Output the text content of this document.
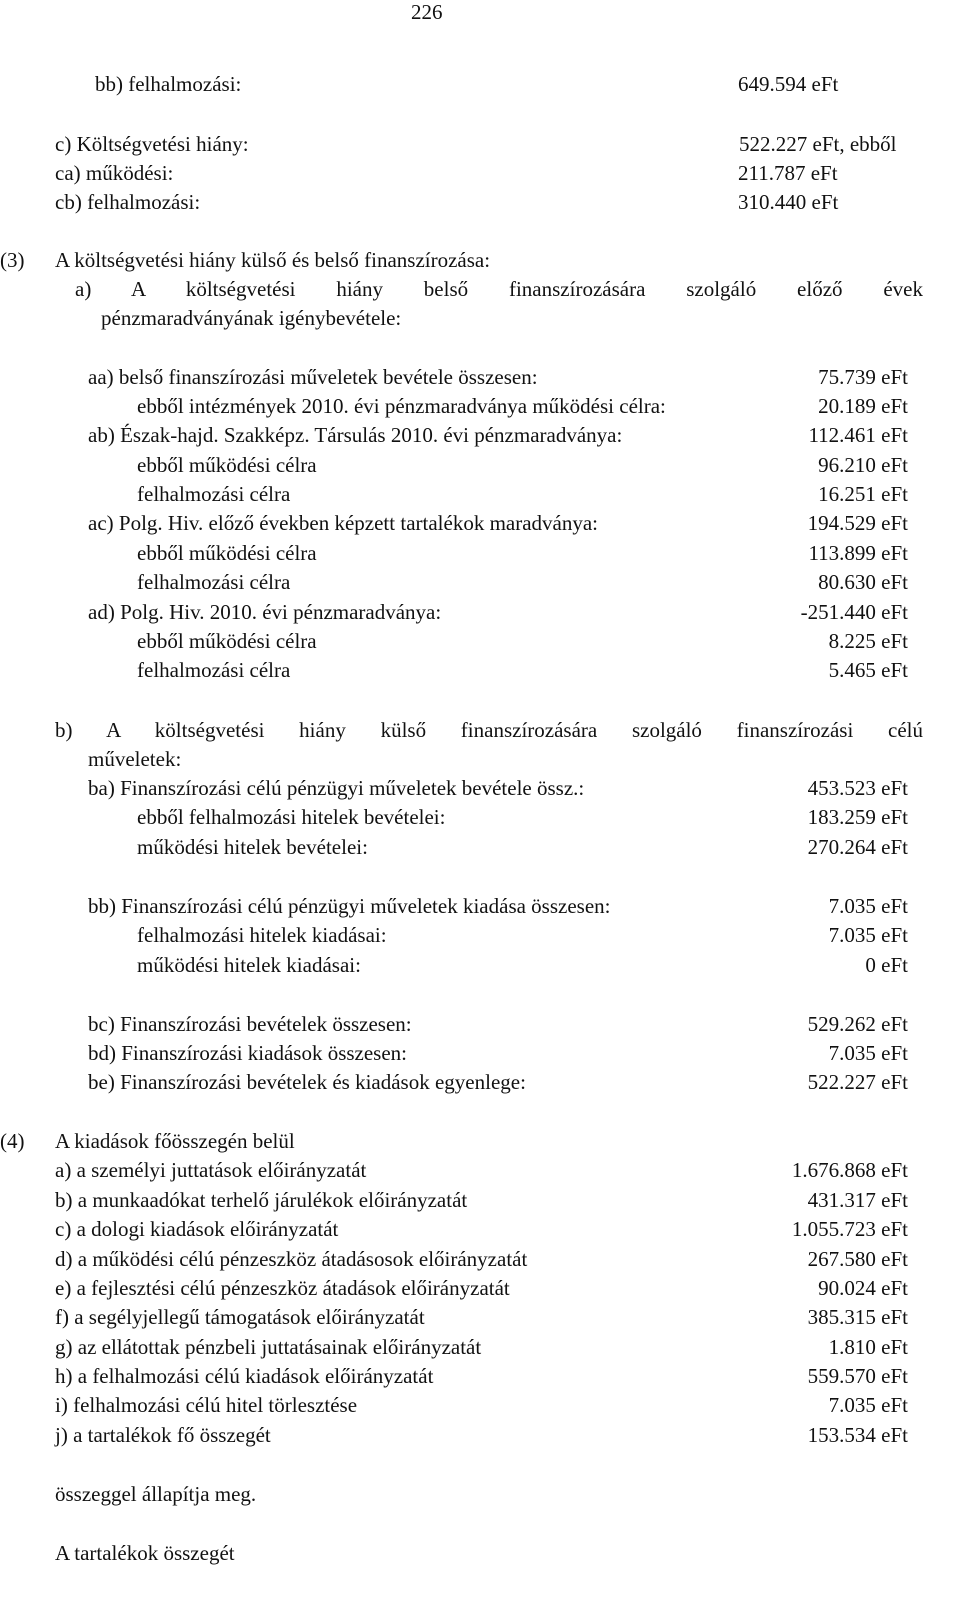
226
bb) felhalmozási:	649.594 eFt
c) Költségvetési hiány:	522.227 eFt, ebből
ca) működési:	211.787 eFt
cb) felhalmozási:	310.440 eFt
(3) A költségvetési hiány külső és belső finanszírozása:
a) A költségvetési hiány belső finanszírozására szolgáló előző évek
pénzmaradványának igénybevétele:
aa) belső finanszírozási műveletek bevétele összesen:	75.739 eFt
ebből intézmények 2010. évi pénzmaradványa működési célra:	20.189 eFt
ab) Észak-hajd. Szakképz. Társulás 2010. évi pénzmaradványa:	112.461 eFt
ebből működési célra	96.210 eFt
felhalmozási célra	16.251 eFt
ac) Polg. Hiv. előző években képzett tartalékok maradványa:	194.529 eFt
ebből működési célra	113.899 eFt
felhalmozási célra	80.630 eFt
ad) Polg. Hiv. 2010. évi pénzmaradványa:	-251.440 eFt
ebből működési célra	8.225 eFt
felhalmozási célra	5.465 eFt
b) A költségvetési hiány külső finanszírozására szolgáló finanszírozási célú
műveletek:
ba) Finanszírozási célú pénzügyi műveletek bevétele össz.:	453.523 eFt
ebből felhalmozási hitelek bevételei:	183.259 eFt
működési hitelek bevételei:	270.264 eFt
bb) Finanszírozási célú pénzügyi műveletek kiadása összesen:	7.035 eFt
felhalmozási hitelek kiadásai:	7.035 eFt
működési hitelek kiadásai:	0 eFt
bc) Finanszírozási bevételek összesen:	529.262 eFt
bd) Finanszírozási kiadások összesen:	7.035 eFt
be) Finanszírozási bevételek és kiadások egyenlege:	522.227 eFt
(4) A kiadások főösszegén belül
a) a személyi juttatások előirányzatát	1.676.868 eFt
b) a munkaadókat terhelő járulékok előirányzatát	431.317 eFt
c) a dologi kiadások előirányzatát	1.055.723 eFt
d) a működési célú pénzeszköz átadásosok előirányzatát	267.580 eFt
e) a fejlesztési célú pénzeszköz átadások előirányzatát	90.024 eFt
f) a segélyjellegű támogatások előirányzatát	385.315 eFt
g) az ellátottak pénzbeli juttatásainak előirányzatát	1.810 eFt
h) a felhalmozási célú kiadások előirányzatát	559.570 eFt
i) felhalmozási célú hitel törlesztése	7.035 eFt
j) a tartalékok fő összegét	153.534 eFt
összeggel állapítja meg.
A tartalékok összegét
